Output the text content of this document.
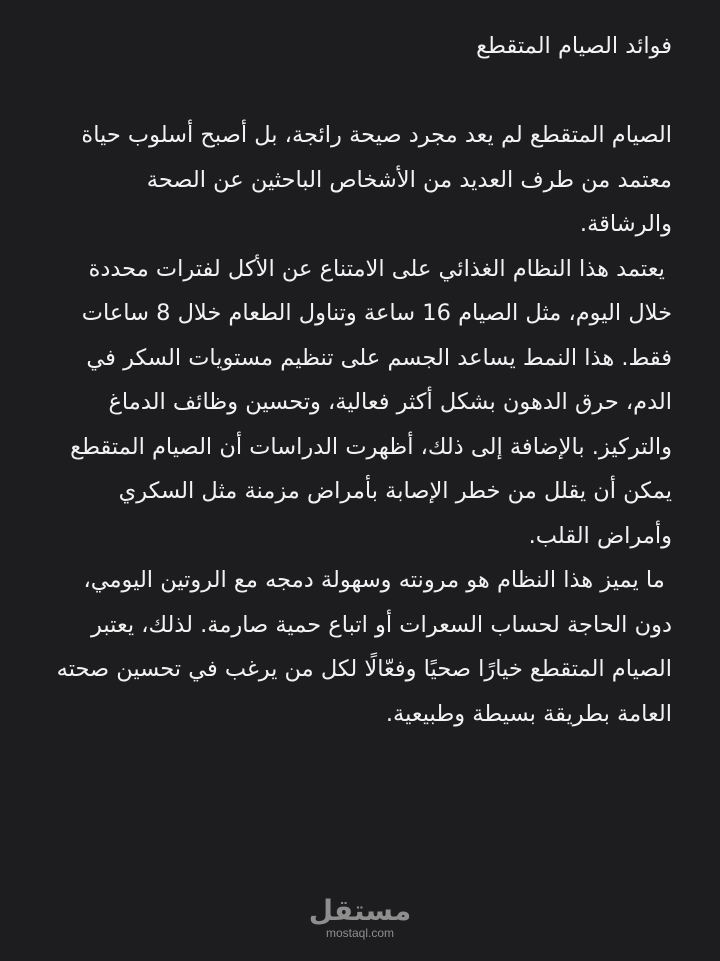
فوائد الصيام المتقطع

الصيام المتقطع لم يعد مجرد صيحة رائجة، بل أصبح أسلوب حياة معتمد من طرف العديد من الأشخاص الباحثين عن الصحة والرشاقة.

يعتمد هذا النظام الغذائي على الامتناع عن الأكل لفترات محددة خلال اليوم، مثل الصيام 16 ساعة وتناول الطعام خلال 8 ساعات فقط. هذا النمط يساعد الجسم على تنظيم مستويات السكر في الدم، حرق الدهون بشكل أكثر فعالية، وتحسين وظائف الدماغ والتركيز. بالإضافة إلى ذلك، أظهرت الدراسات أن الصيام المتقطع يمكن أن يقلل من خطر الإصابة بأمراض مزمنة مثل السكري وأمراض القلب.

ما يميز هذا النظام هو مرونته وسهولة دمجه مع الروتين اليومي، دون الحاجة لحساب السعرات أو اتباع حمية صارمة. لذلك، يعتبر الصيام المتقطع خيارًا صحيًا وفعّالًا لكل من يرغب في تحسين صحته العامة بطريقة بسيطة وطبيعية.

مستقل
mostaql.com
